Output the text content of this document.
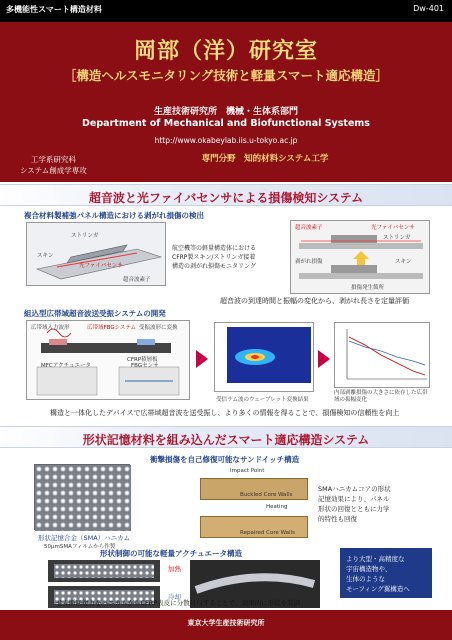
多機能性スマート構造材料	Dw-401
岡部（洋）研究室
［構造ヘルスモニタリング技術と軽量スマート適応構造］
生産技術研究所　機械・生体系部門
Department of Mechanical and Biofunctional Systems
http://www.okabeylab.iis.u-tokyo.ac.jp
工学系研究科
システム創成学専攻
専門分野　知的材料システム工学
超音波と光ファイバセンサによる損傷検知システム
複合材料製補強パネル構造における剥がれ損傷の検出
ストリンガ
スキン
光ファイバセンサ
超音波素子
航空機等の軽量構造体における
CFRP製スキン/ストリンガ接着
構造の剥がれ損傷モニタリング
超音波素子	光ファイバセンサ
ストリンガ
剥がれ損傷	スキン
損傷発生箇所
超音波の到達時間と振幅の変化から、剥がれ長さを定量評価
組込型広帯域超音波送受振システムの開発
広帯域入力波形	広帯域FBGシステム 受振波形に変換
CFRP積層板
MFCアクチュエータ	FBGセンサ
受信ラム波のウェーブレット変換結果
内部剥離損傷の大きさに依存した広帯域の振幅変化
構造と一体化したデバイスで広帯域超音波を送受振し、より多くの情報を得ることで、損傷検知の信頼性を向上
形状記憶材料を組み込んだスマート適応構造システム
衝撃損傷を自己修復可能なサンドイッチ構造
形状記憶合金（SMA）ハニカム
50μmSMAフィルムから作製
Impact Point
Buckled Core Walls
Heating
Repaired Core Walls
SMAハニカムコアの形状
記憶効果により、パネル
形状の回復とともに力学
的特性も回復
形状制御の可能な軽量アクチュエータ構造
加熱
冷却
より大型・高精度な
宇宙構造物や、
生体のような
モーフィング翼構造へ
せん断回復力をハニカムからCFRP表皮に分散付与することで、効率的に形状を制御
東京大学生産技術研究所
